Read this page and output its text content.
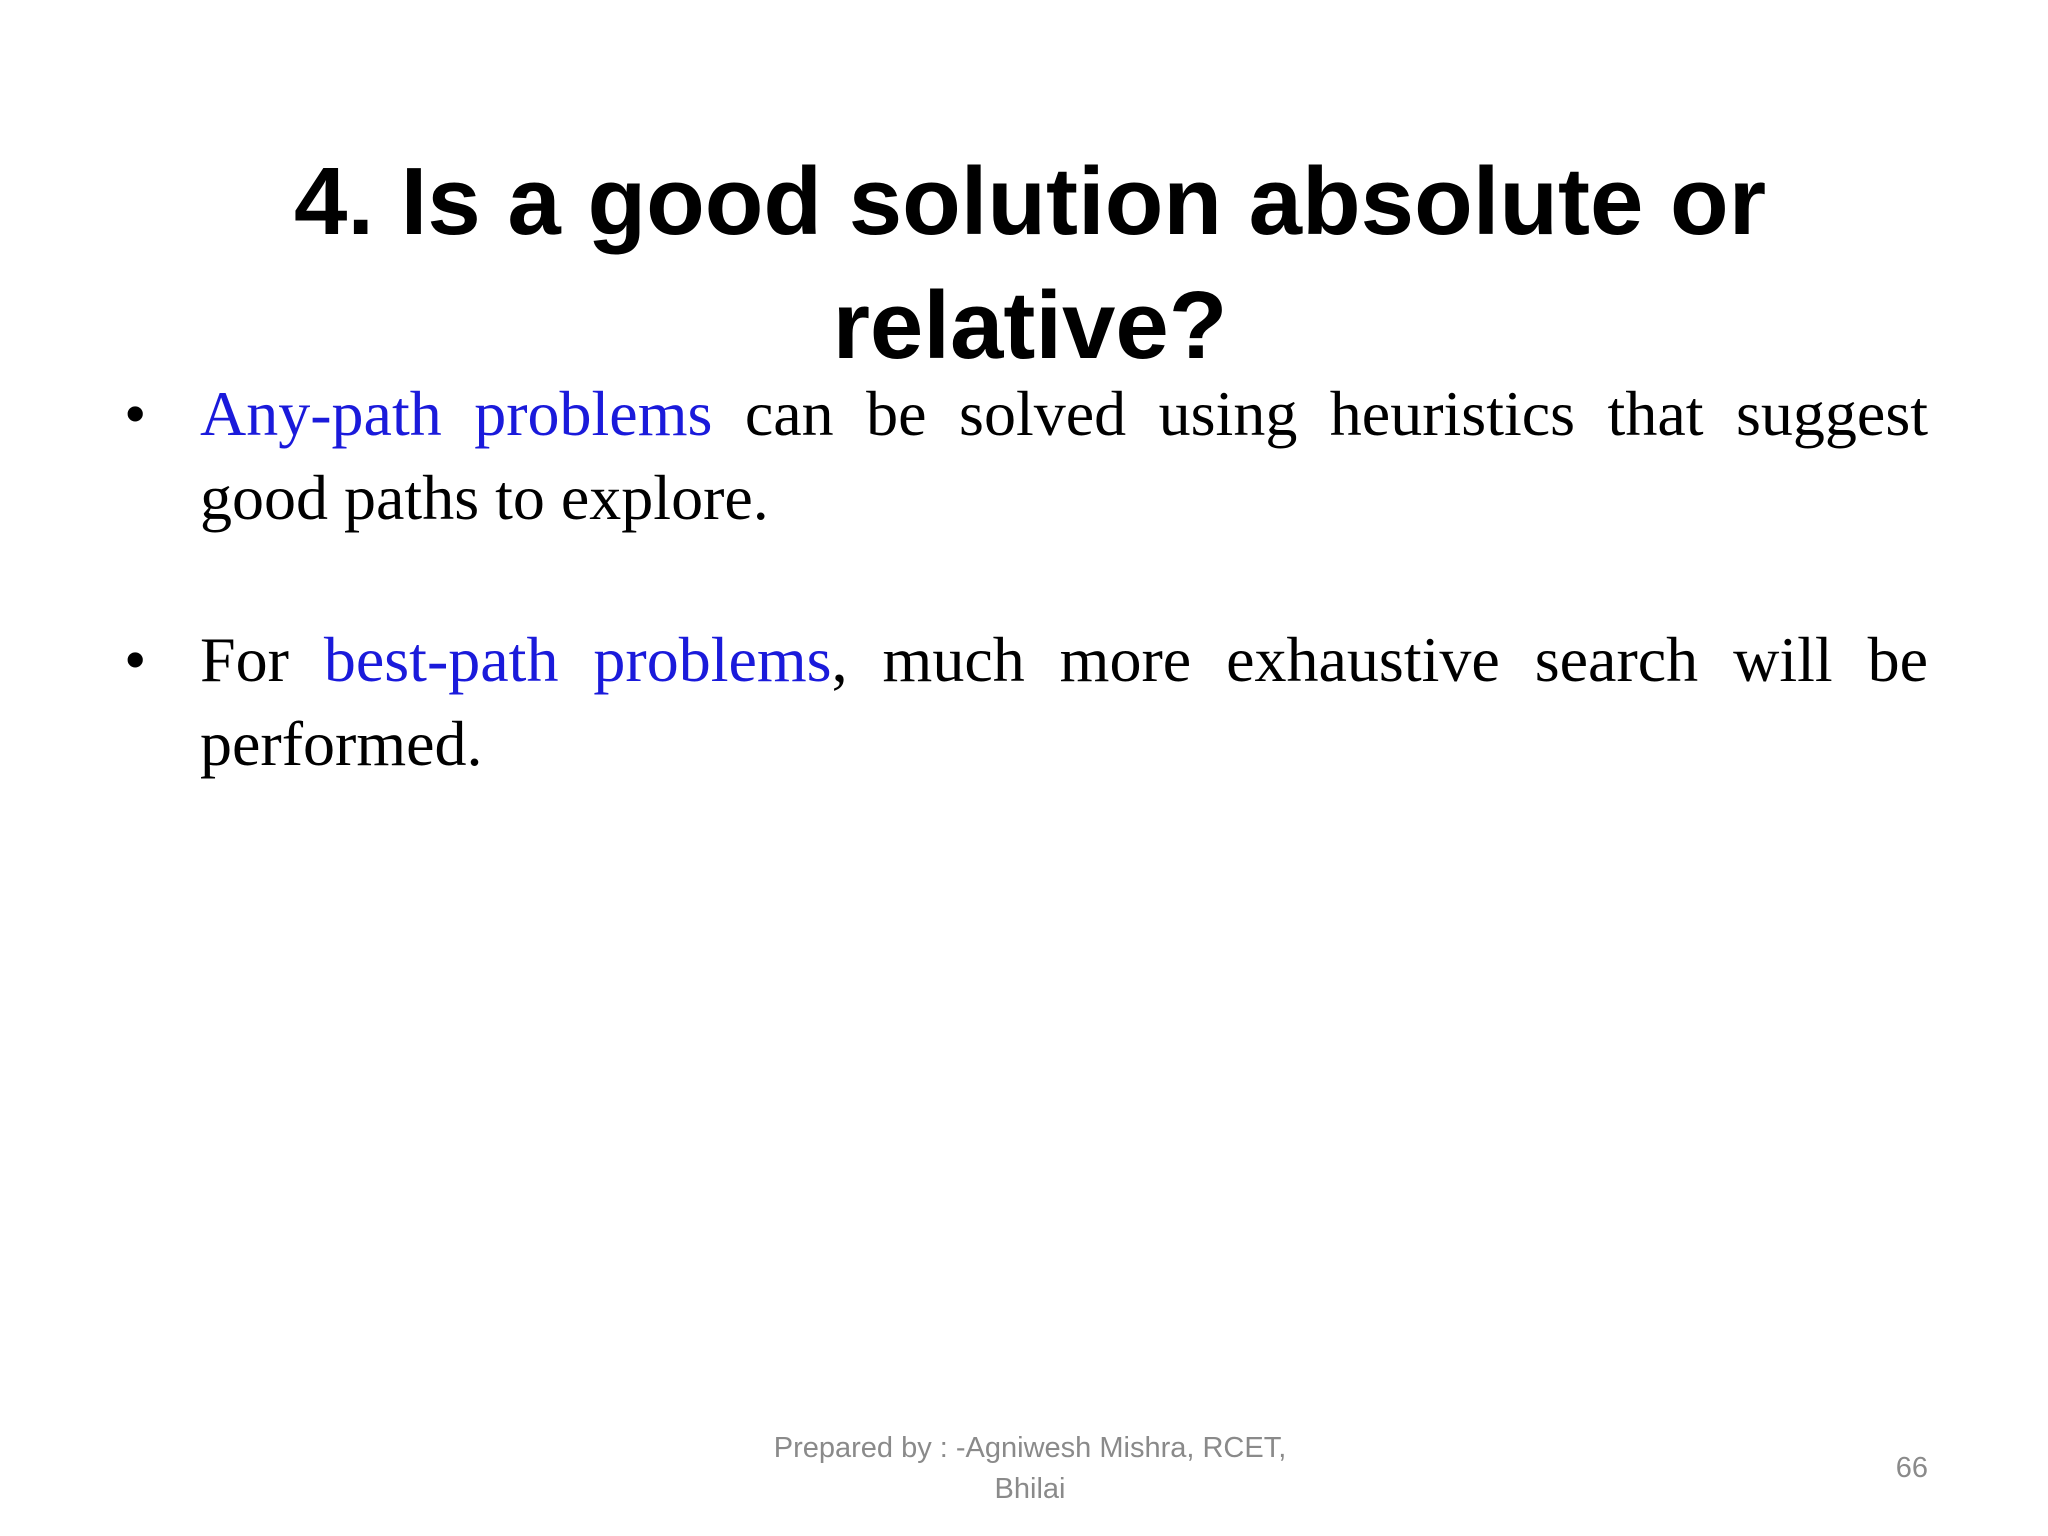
4. Is a good solution absolute or relative?
• Any-path problems can be solved using heuristics that suggest good paths to explore.
• For best-path problems, much more exhaustive search will be performed.
Prepared by : -Agniwesh Mishra, RCET,
Bhilai
66
